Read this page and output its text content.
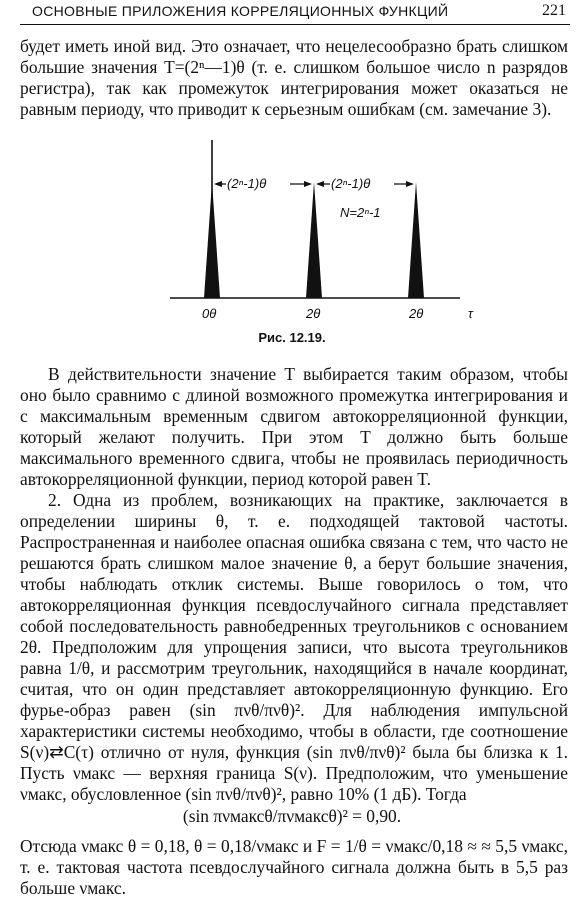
ОСНОВНЫЕ ПРИЛОЖЕНИЯ КОРРЕЛЯЦИОННЫХ ФУНКЦИЙ	221

будет иметь иной вид. Это означает, что нецелесообразно брать слишком большие значения T=(2ⁿ—1)θ (т. е. слишком большое число n разрядов регистра), так как промежуток интегрирования может оказаться не равным периоду, что приводит к серьезным ошибкам (см. замечание 3).

(2ⁿ-1)θ	(2ⁿ-1)θ
N=2ⁿ-1
0θ	2θ	2θ	τ
Рис. 12.19.

В действительности значение T выбирается таким образом, чтобы оно было сравнимо с длиной возможного промежутка интегрирования и с максимальным временным сдвигом автокорреляционной функции, который желают получить. При этом T должно быть больше максимального временного сдвига, чтобы не проявилась периодичность автокорреляционной функции, период которой равен T.

2. Одна из проблем, возникающих на практике, заключается в определении ширины θ, т. е. подходящей тактовой частоты. Распространенная и наиболее опасная ошибка связана с тем, что часто не решаются брать слишком малое значение θ, а берут большие значения, чтобы наблюдать отклик системы. Выше говорилось о том, что автокорреляционная функция псевдослучайного сигнала представляет собой последовательность равнобедренных треугольников с основанием 2θ. Предположим для упрощения записи, что высота треугольников равна 1/θ, и рассмотрим треугольник, находящийся в начале координат, считая, что он один представляет автокорреляционную функцию. Его фурье-образ равен (sin πνθ/πνθ)². Для наблюдения импульсной характеристики системы необходимо, чтобы в области, где соотношение S(ν)⇄C(τ) отлично от нуля, функция (sin πνθ/πνθ)² была бы близка к 1. Пусть νмакс — верхняя граница S(ν). Предположим, что уменьшение νмакс, обусловленное (sin πνθ/πνθ)², равно 10% (1 дБ). Тогда

(sin πνмаксθ/πνмаксθ)² = 0,90.

Отсюда νмакс θ = 0,18, θ = 0,18/νмакс и F = 1/θ = νмакс/0,18 ≈ ≈ 5,5 νмакс, т. е. тактовая частота псевдослучайного сигнала должна быть в 5,5 раз больше νмакс.
